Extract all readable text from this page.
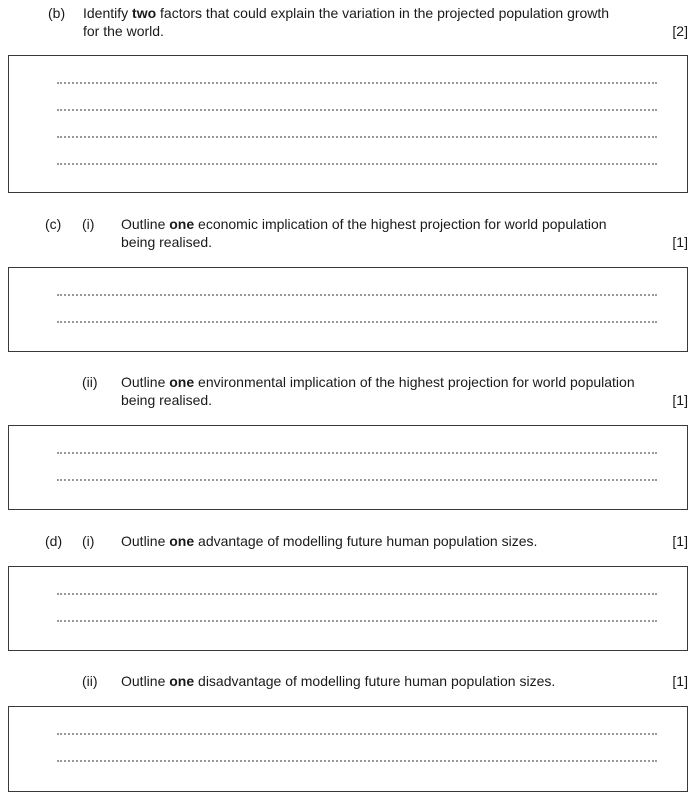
(b) Identify two factors that could explain the variation in the projected population growth
for the world.	[2]
(c) (i) Outline one economic implication of the highest projection for world population
being realised.	[1]
(ii) Outline one environmental implication of the highest projection for world population
being realised.	[1]
(d) (i) Outline one advantage of modelling future human population sizes.	[1]
(ii) Outline one disadvantage of modelling future human population sizes.	[1]
